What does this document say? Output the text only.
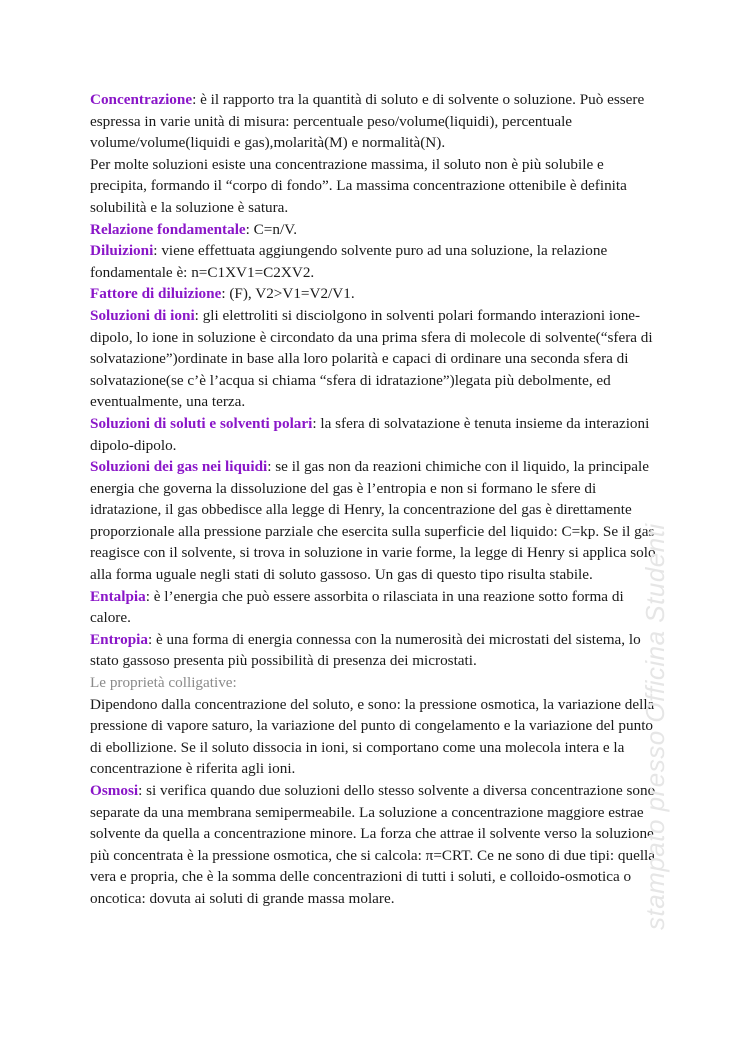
Concentrazione: è il rapporto tra la quantità di soluto e di solvente o soluzione. Può essere espressa in varie unità di misura: percentuale peso/volume(liquidi), percentuale volume/volume(liquidi e gas),molarità(M) e normalità(N).

Per molte soluzioni esiste una concentrazione massima, il soluto non è più solubile e precipita, formando il “corpo di fondo”. La massima concentrazione ottenibile è definita solubilità e la soluzione è satura.

Relazione fondamentale: C=n/V.

Diluizioni: viene effettuata aggiungendo solvente puro ad una soluzione, la relazione fondamentale è: n=C1XV1=C2XV2.

Fattore di diluizione: (F), V2>V1=V2/V1.

Soluzioni di ioni: gli elettroliti si disciolgono in solventi polari formando interazioni ione-dipolo, lo ione in soluzione è circondato da una prima sfera di molecole di solvente(“sfera di solvatazione”)ordinate in base alla loro polarità e capaci di ordinare una seconda sfera di solvatazione(se c’è l’acqua si chiama “sfera di idratazione”)legata più debolmente, ed eventualmente, una terza.

Soluzioni di soluti e solventi polari: la sfera di solvatazione è tenuta insieme da interazioni dipolo-dipolo.

Soluzioni dei gas nei liquidi: se il gas non da reazioni chimiche con il liquido, la principale energia che governa la dissoluzione del gas è l’entropia e non si formano le sfere di idratazione, il gas obbedisce alla legge di Henry, la concentrazione del gas è direttamente proporzionale alla pressione parziale che esercita sulla superficie del liquido: C=kp. Se il gas reagisce con il solvente, si trova in soluzione in varie forme, la legge di Henry si applica solo alla forma uguale negli stati di soluto gassoso. Un gas di questo tipo risulta stabile.

Entalpia: è l’energia che può essere assorbita o rilasciata in una reazione sotto forma di calore.

Entropia: è una forma di energia connessa con la numerosità dei microstati del sistema, lo stato gassoso presenta più possibilità di presenza dei microstati.

Le proprietà colligative:

Dipendono dalla concentrazione del soluto, e sono: la pressione osmotica, la variazione della pressione di vapore saturo, la variazione del punto di congelamento e la variazione del punto di ebollizione. Se il soluto dissocia in ioni, si comportano come una molecola intera e la concentrazione è riferita agli ioni.

Osmosi: si verifica quando due soluzioni dello stesso solvente a diversa concentrazione sono separate da una membrana semipermeabile. La soluzione a concentrazione maggiore estrae solvente da quella a concentrazione minore. La forza che attrae il solvente verso la soluzione più concentrata è la pressione osmotica, che si calcola: π=CRT. Ce ne sono di due tipi: quella vera e propria, che è la somma delle concentrazioni di tutti i soluti, e colloido-osmotica o oncotica: dovuta ai soluti di grande massa molare.	stampato presso Officina Studenti
